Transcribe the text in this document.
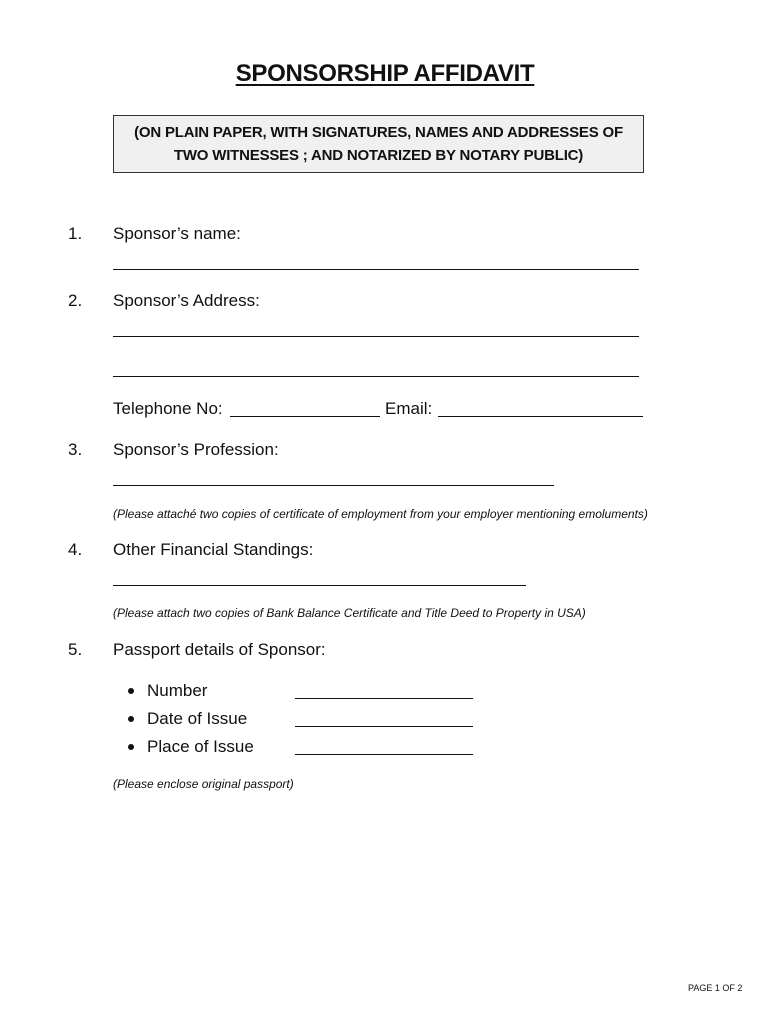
SPONSORSHIP AFFIDAVIT
(ON PLAIN PAPER, WITH SIGNATURES, NAMES AND ADDRESSES OF
TWO WITNESSES ; AND NOTARIZED BY NOTARY PUBLIC)
1. Sponsor’s name:
2. Sponsor’s Address:
Telephone No:	Email:
3. Sponsor’s Profession:
(Please attaché two copies of certificate of employment from your employer mentioning emoluments)
4. Other Financial Standings:
(Please attach two copies of Bank Balance Certificate and Title Deed to Property in USA)
5. Passport details of Sponsor:
Number
Date of Issue
Place of Issue
(Please enclose original passport)
PAGE 1 OF 2
